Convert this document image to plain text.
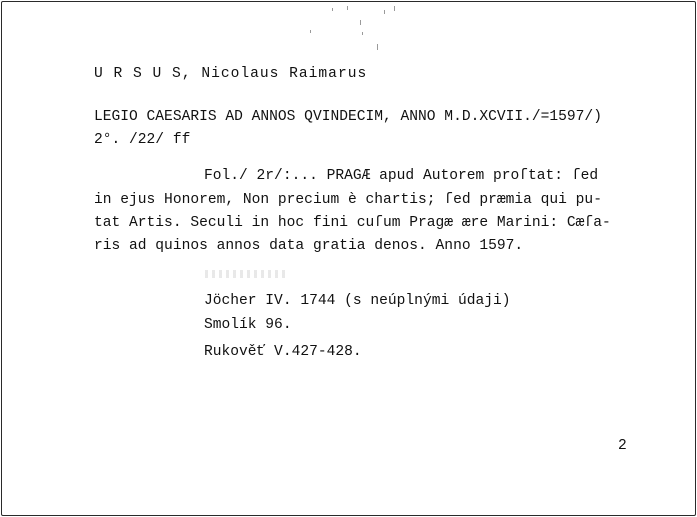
U R S U S, Nicolaus Raimarus
LEGIO CAESARIS AD ANNOS QVINDECIM, ANNO M.D.XCVII./=1597/)
2°. /22/ ff
Fol./ 2r/:... PRAGÆ apud Autorem proſtat: ſed
in ejus Honorem, Non precium è chartis; ſed præmia qui pu-
tat Artis. Seculi in hoc fini cuſum Pragæ ære Marini: Cæſa-
ris ad quinos annos data gratia denos. Anno 1597.
Jöcher IV. 1744 (s neúplnými údaji)
Smolík 96.
Rukověť V.427-428.
2
